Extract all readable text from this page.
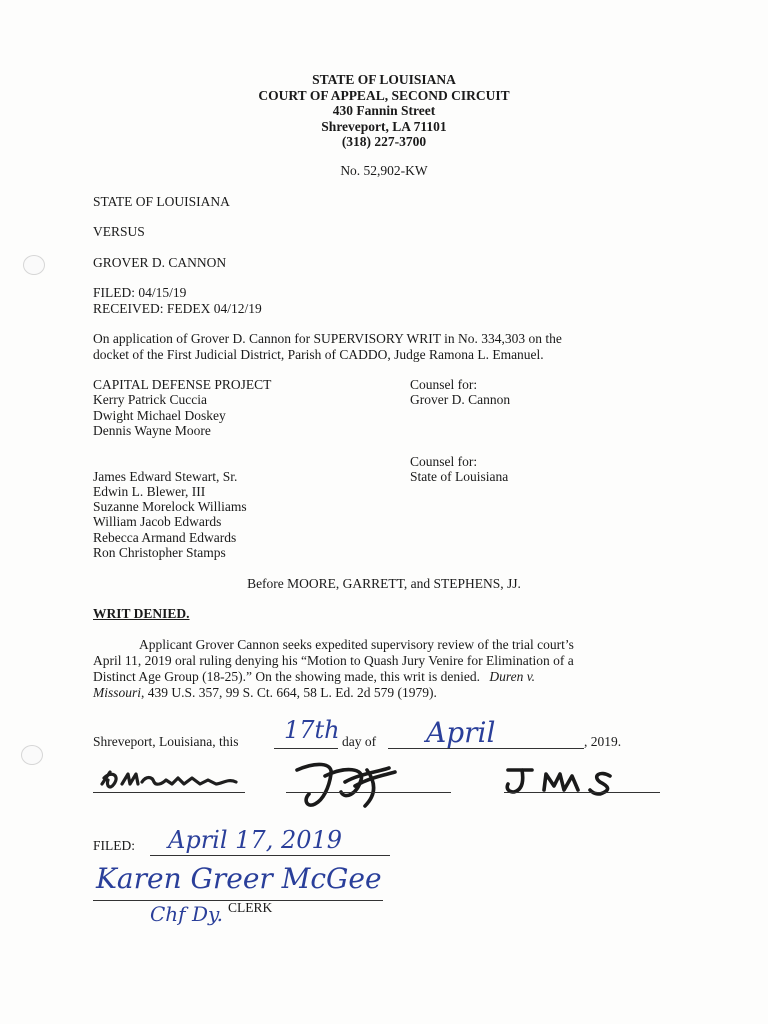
STATE OF LOUISIANA
COURT OF APPEAL, SECOND CIRCUIT
430 Fannin Street
Shreveport, LA 71101
(318) 227-3700
No. 52,902-KW
STATE OF LOUISIANA
VERSUS
GROVER D. CANNON
FILED: 04/15/19
RECEIVED: FEDEX 04/12/19
On application of Grover D. Cannon for SUPERVISORY WRIT in No. 334,303 on the
docket of the First Judicial District, Parish of CADDO, Judge Ramona L. Emanuel.
CAPITAL DEFENSE PROJECT
Kerry Patrick Cuccia
Dwight Michael Doskey
Dennis Wayne Moore
Counsel for:
Grover D. Cannon
Counsel for:
State of Louisiana
James Edward Stewart, Sr.
Edwin L. Blewer, III
Suzanne Morelock Williams
William Jacob Edwards
Rebecca Armand Edwards
Ron Christopher Stamps
Before MOORE, GARRETT, and STEPHENS, JJ.
WRIT DENIED.
Applicant Grover Cannon seeks expedited supervisory review of the trial court’s
April 11, 2019 oral ruling denying his “Motion to Quash Jury Venire for Elimination of a
Distinct Age Group (18-25).” On the showing made, this writ is denied. Duren v.
Missouri, 439 U.S. 357, 99 S. Ct. 664, 58 L. Ed. 2d 579 (1979).
Shreveport, Louisiana, this 17th day of April	, 2019.
FILED: April 17, 2019
Karen Greer McGee
CLERK
Chf Dy.
